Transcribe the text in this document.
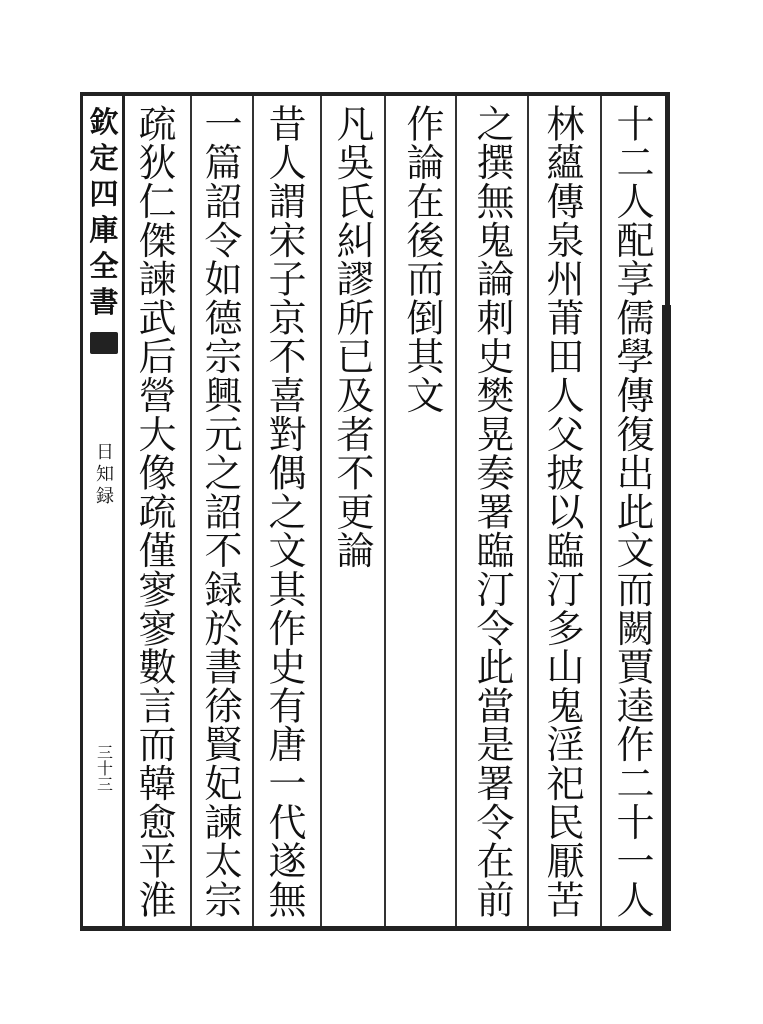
欽定四庫全書
日知録
三十三	十二人配享儒學傳復出此文而闕賈逵作二十一人
林蘊傳泉州莆田人父披以臨汀多山鬼淫祀民厭苦
之撰無鬼論刺史樊晃奏署臨汀令此當是署令在前
作論在後而倒其文
凡吳氏糾謬所已及者不更論
昔人謂宋子京不喜對偶之文其作史有唐一代遂無
一篇詔令如德宗興元之詔不録於書徐賢妃諫太宗
疏狄仁傑諫武后營大像疏僅寥寥數言而韓愈平淮
